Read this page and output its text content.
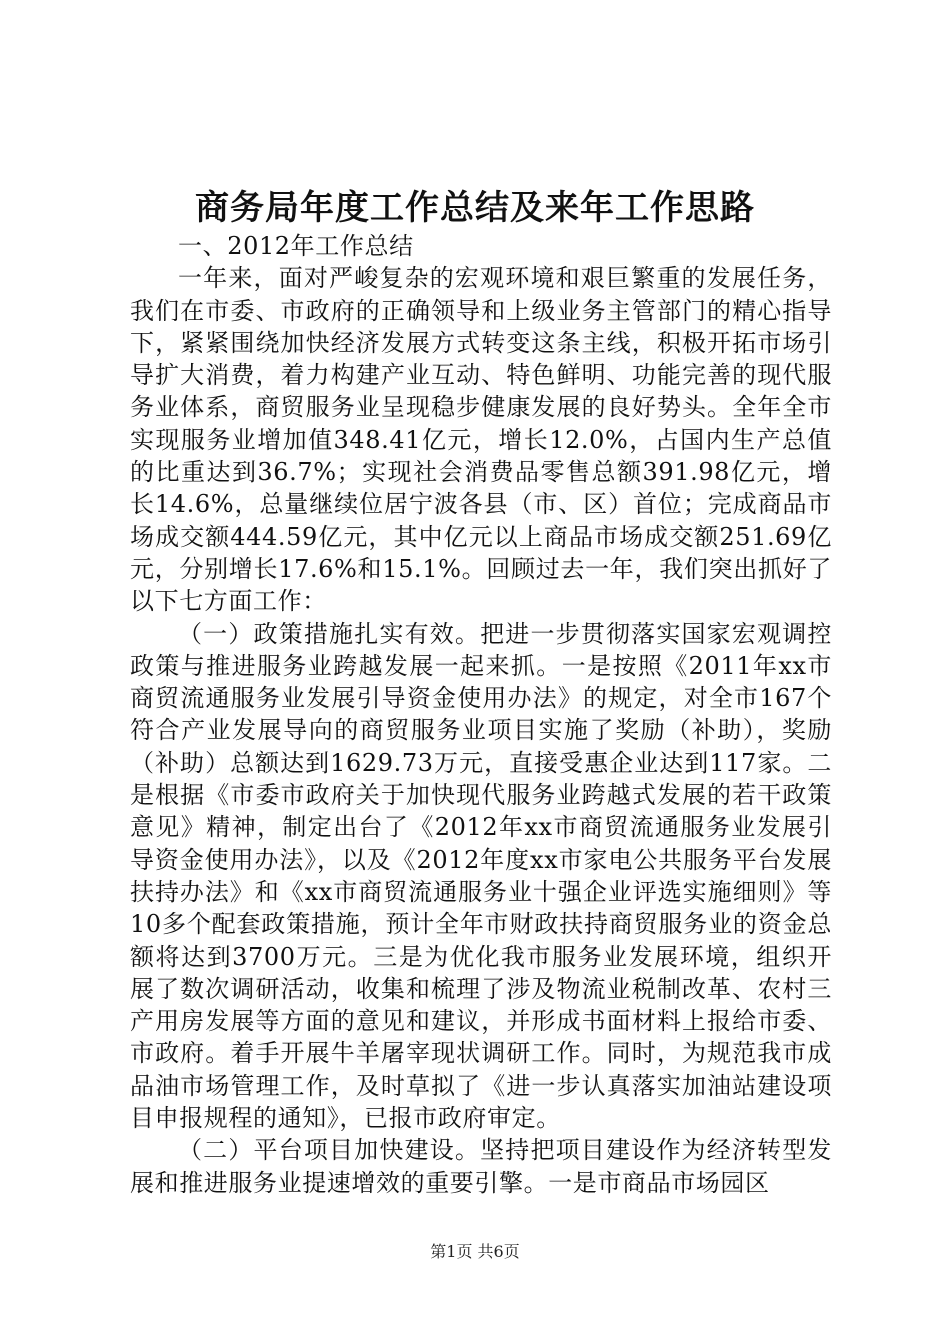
商务局年度工作总结及来年工作思路

一、2012年工作总结

一年来，面对严峻复杂的宏观环境和艰巨繁重的发展任务，我们在市委、市政府的正确领导和上级业务主管部门的精心指导下，紧紧围绕加快经济发展方式转变这条主线，积极开拓市场引导扩大消费，着力构建产业互动、特色鲜明、功能完善的现代服务业体系，商贸服务业呈现稳步健康发展的良好势头。全年全市实现服务业增加值348.41亿元，增长12.0%，占国内生产总值的比重达到36.7%；实现社会消费品零售总额391.98亿元，增长14.6%，总量继续位居宁波各县（市、区）首位；完成商品市场成交额444.59亿元，其中亿元以上商品市场成交额251.69亿元，分别增长17.6%和15.1%。回顾过去一年，我们突出抓好了以下七方面工作：

（一）政策措施扎实有效。把进一步贯彻落实国家宏观调控政策与推进服务业跨越发展一起来抓。一是按照《2011年xx市商贸流通服务业发展引导资金使用办法》的规定，对全市167个符合产业发展导向的商贸服务业项目实施了奖励（补助），奖励（补助）总额达到1629.73万元，直接受惠企业达到117家。二是根据《市委市政府关于加快现代服务业跨越式发展的若干政策意见》精神，制定出台了《2012年xx市商贸流通服务业发展引导资金使用办法》，以及《2012年度xx市家电公共服务平台发展扶持办法》和《xx市商贸流通服务业十强企业评选实施细则》等10多个配套政策措施，预计全年市财政扶持商贸服务业的资金总额将达到3700万元。三是为优化我市服务业发展环境，组织开展了数次调研活动，收集和梳理了涉及物流业税制改革、农村三产用房发展等方面的意见和建议，并形成书面材料上报给市委、市政府。着手开展牛羊屠宰现状调研工作。同时，为规范我市成品油市场管理工作，及时草拟了《进一步认真落实加油站建设项目申报规程的通知》，已报市政府审定。

（二）平台项目加快建设。坚持把项目建设作为经济转型发展和推进服务业提速增效的重要引擎。一是市商品市场园区

第1页 共6页
